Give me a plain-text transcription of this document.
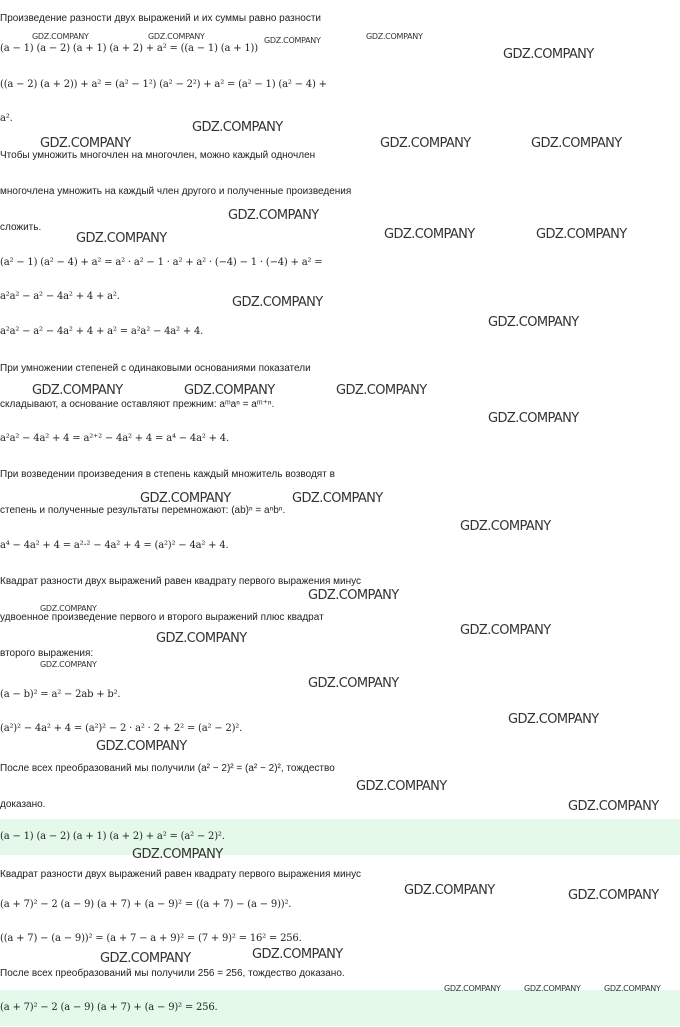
Произведение разности двух выражений и их суммы равно разности
(a − 1) (a − 2) (a + 1) (a + 2) + a² = ((a − 1) (a + 1))
((a − 2) (a + 2)) + a² = (a² − 1²) (a² − 2²) + a² = (a² − 1) (a² − 4) +
a².
Чтобы умножить многочлен на многочлен, можно каждый одночлен
многочлена умножить на каждый член другого и полученные произведения
сложить.
(a² − 1) (a² − 4) + a² = a² · a² − 1 · a² + a² · (−4) − 1 · (−4) + a² =
a²a² − a² − 4a² + 4 + a².
a²a² − a² − 4a² + 4 + a² = a²a² − 4a² + 4.
При умножении степеней с одинаковыми основаниями показатели
складывают, а основание оставляют прежним: aᵐaⁿ = aᵐ⁺ⁿ.
a²a² − 4a² + 4 = a²⁺² − 4a² + 4 = a⁴ − 4a² + 4.
При возведении произведения в степень каждый множитель возводят в
степень и полученные результаты перемножают: (ab)ⁿ = aⁿbⁿ.
a⁴ − 4a² + 4 = a²·² − 4a² + 4 = (a²)² − 4a² + 4.
Квадрат разности двух выражений равен квадрату первого выражения минус
удвоенное произведение первого и второго выражений плюс квадрат
второго выражения:
(a − b)² = a² − 2ab + b².
(a²)² − 4a² + 4 = (a²)² − 2 · a² · 2 + 2² = (a² − 2)².
После всех преобразований мы получили (a² − 2)² = (a² − 2)², тождество
доказано.
(a − 1) (a − 2) (a + 1) (a + 2) + a² = (a² − 2)².
Квадрат разности двух выражений равен квадрату первого выражения минус
(a + 7)² − 2 (a − 9) (a + 7) + (a − 9)² = ((a + 7) − (a − 9))².
((a + 7) − (a − 9))² = (a + 7 − a + 9)² = (7 + 9)² = 16² = 256.
После всех преобразований мы получили 256 = 256, тождество доказано.
(a + 7)² − 2 (a − 9) (a + 7) + (a − 9)² = 256.
GDZ.COMPANY	GDZ.COMPANY	GDZ.COMPANY	GDZ.COMPANY
GDZ.COMPANY
GDZ.COMPANY
GDZ.COMPANY
GDZ.COMPANY	GDZ.COMPANY
GDZ.COMPANY
GDZ.COMPANY	GDZ.COMPANY	GDZ.COMPANY
GDZ.COMPANY
GDZ.COMPANY
GDZ.COMPANY	GDZ.COMPANY	GDZ.COMPANY
GDZ.COMPANY
GDZ.COMPANY	GDZ.COMPANY
GDZ.COMPANY
GDZ.COMPANY
GDZ.COMPANY
GDZ.COMPANY
GDZ.COMPANY
GDZ.COMPANY
GDZ.COMPANY
GDZ.COMPANY
GDZ.COMPANY
GDZ.COMPANY
GDZ.COMPANY
GDZ.COMPANY
GDZ.COMPANY	GDZ.COMPANY
GDZ.COMPANY	GDZ.COMPANY
GDZ.COMPANY	GDZ.COMPANY	GDZ.COMPANY
